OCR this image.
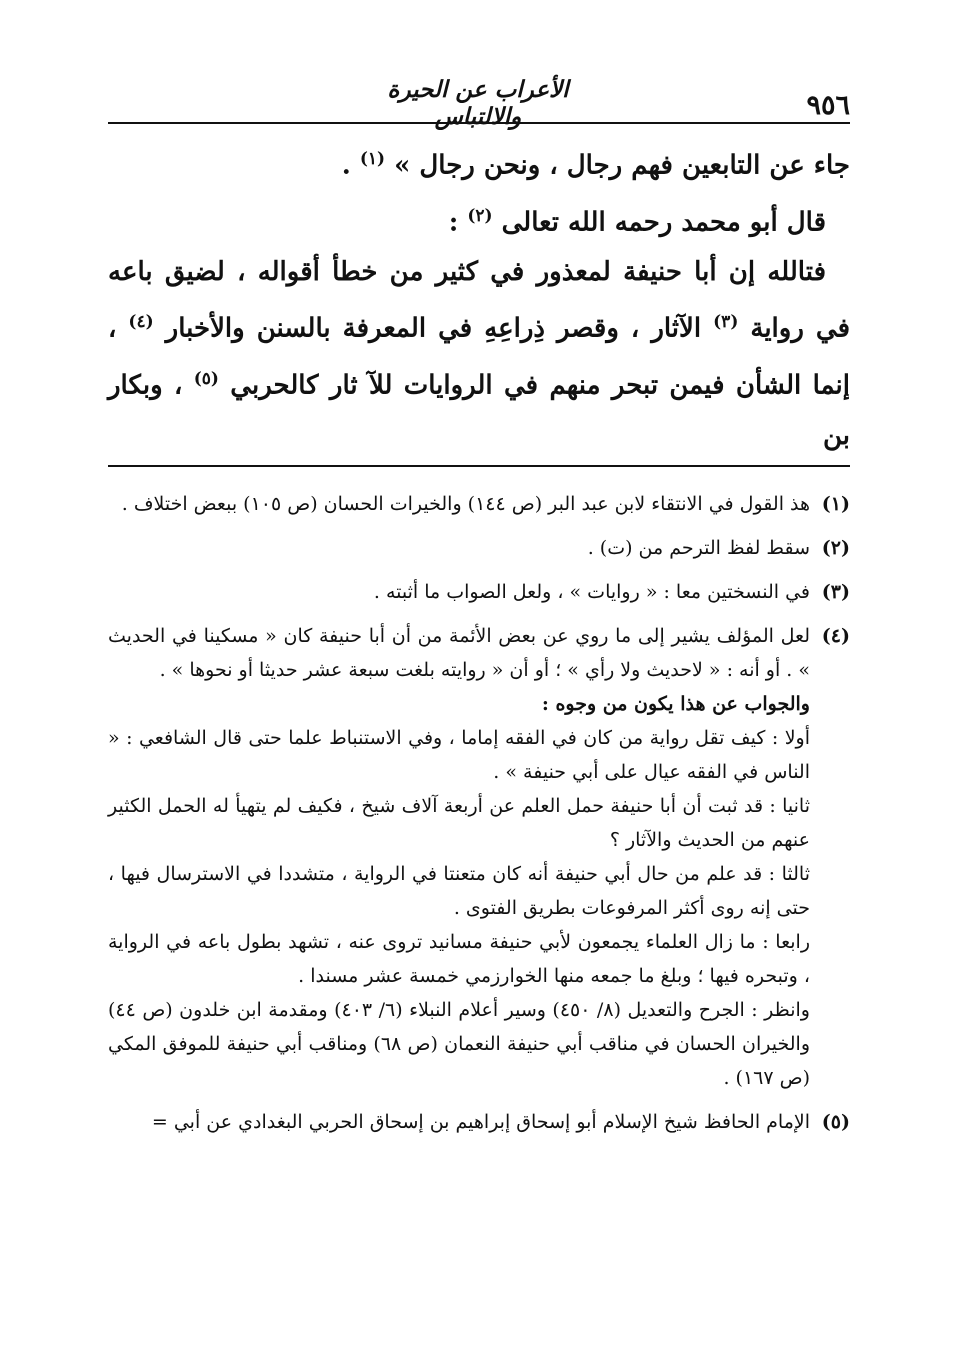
٩٥٦
الأعراب عن الحيرة والالتباس

جاء عن التابعين فهم رجال ، ونحن رجال » $^{(١)}$ .

قال أبو محمد رحمه الله تعالى $^{(٢)}$ :

فتالله إن أبا حنيفة لمعذور في كثير من خطأ أقواله ، لضيق باعه في رواية $^{(٣)}$ الآثار ، وقصر ذِراعِهِ في المعرفة بالسنن والأخبار $^{(٤)}$ ، إنما الشأن فيمن تبحر منهم في الروايات للآ ثار كالحربي $^{(٥)}$ ، وبكار بن

(١)

هذ القول في الانتقاء لابن عبد البر (ص ١٤٤) والخيرات الحسان (ص ١٠٥) ببعض اختلاف .

(٢)

سقط لفظ الترحم من (ت) .

(٣)

في النسختين معا : « روايات » ، ولعل الصواب ما أثبته .

(٤)

لعل المؤلف يشير إلى ما روي عن بعض الأئمة من أن أبا حنيفة كان « مسكينا في الحديث » . أو أنه : « لاحديث ولا رأي » ؛ أو أن « روايته بلغت سبعة عشر حديثا أو نحوها » .

والجواب عن هذا يكون من وجوه :

أولا : كيف تقل رواية من كان في الفقه إماما ، وفي الاستنباط علما حتى قال الشافعي : « الناس في الفقه عيال على أبي حنيفة » .

ثانيا : قد ثبت أن أبا حنيفة حمل العلم عن أربعة آلاف شيخ ، فكيف لم يتهيأ له الحمل الكثير عنهم من الحديث والآثار ؟

ثالثا : قد علم من حال أبي حنيفة أنه كان متعنتا في الرواية ، متشددا في الاسترسال فيها ، حتى إنه روى أكثر المرفوعات بطريق الفتوى .

رابعا : ما زال العلماء يجمعون لأبي حنيفة مسانيد تروى عنه ، تشهد بطول باعه في الرواية ، وتبحره فيها ؛ وبلغ ما جمعه منها الخوارزمي خمسة عشر مسندا .

وانظر : الجرح والتعديل (٨/ ٤٥٠) وسير أعلام النبلاء (٦/ ٤٠٣) ومقدمة ابن خلدون (ص ٤٤) والخيران الحسان في مناقب أبي حنيفة النعمان (ص ٦٨) ومناقب أبي حنيفة للموفق المكي (ص ١٦٧) .

(٥)

الإمام الحافظ شيخ الإسلام أبو إسحاق إبراهيم بن إسحاق الحربي البغدادي عن أبي =
